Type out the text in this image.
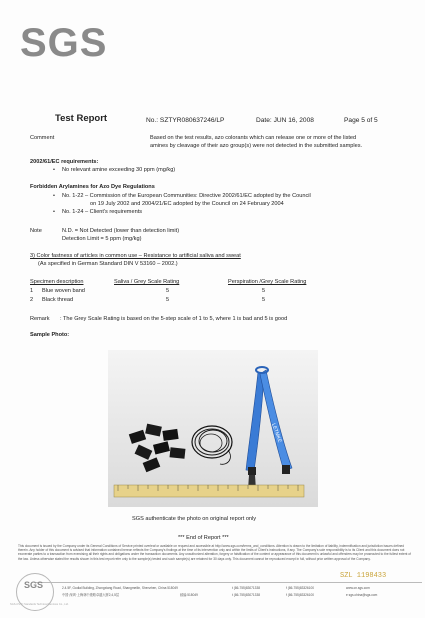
SGS
Test Report	No.: SZTYR080637246/LP	Date: JUN 16, 2008	Page 5 of 5
Comment	Based on the test results, azo colorants which can release one or more of the listed
amines by cleavage of their azo group(s) were not detected in the submitted samples.
2002/61/EC requirements:
• No relevant amine exceeding 30 ppm (mg/kg)
Forbidden Arylamines for Azo Dye Regulations
• No. 1-22 – Commission of the European Communities: Directive 2002/61/EC adopted by the Council
on 19 July 2002 and 2004/21/EC adopted by the Council on 24 February 2004
• No. 1-24 – Client's requirements
Note	N.D. = Not Detected (lower than detection limit)
Detection Limit = 5 ppm (mg/kg)
3) Color fastness of articles in common use – Resistance to artificial saliva and sweat
(As specified in German Standard DIN V 53160 – 2002.)
Specimen description	Saliva / Grey Scale Rating	Perspiration /Grey Scale Rating
1 Blue woven band	5	5
2 Black thread	5	5
Remark : The Grey Scale Rating is based on the 5-step scale of 1 to 5, where 1 is bad and 5 is good
Sample Photo:
LETMKE
SGS authenticate the photo on original report only
*** End of Report ***
This document is issued by the Company under its General Conditions of Service printed overleaf or available on request and accessible at http://www.sgs.com/terms_and_conditions. Attention is drawn to the limitation of liability, indemnification and jurisdiction issues defined therein. Any holder of this document is advised that information contained hereon reflects the Company's findings at the time of its intervention only and within the limits of Client's instructions, if any. The Company's sole responsibility is to its Client and this document does not exonerate parties to a transaction from exercising all their rights and obligations under the transaction documents. Any unauthorized alteration, forgery or falsification of the content or appearance of this document is unlawful and offenders may be prosecuted to the fullest extent of the law. Unless otherwise stated the results shown in this test report refer only to the sample(s) tested and such sample(s) are retained for 30 days only. This document cannot be reproduced except in full, without prior written approval of the Company.
2.4.5F, Godial Building, Zhongxiang Road, Shangmeilin, Shenzhen, China 518049	t (86-755)83071338	f (86-755)83326100	www.cn.sgs.com
中国·深圳·上梅林中康路卓越大厦2,4,5层	邮编:518049	t (86-755)83071338	f (86-755)83326100	e sgs.china@sgs.com
SZL 1198433
SGS
SGS-CSTC Standards Technical Services Co., Ltd.
